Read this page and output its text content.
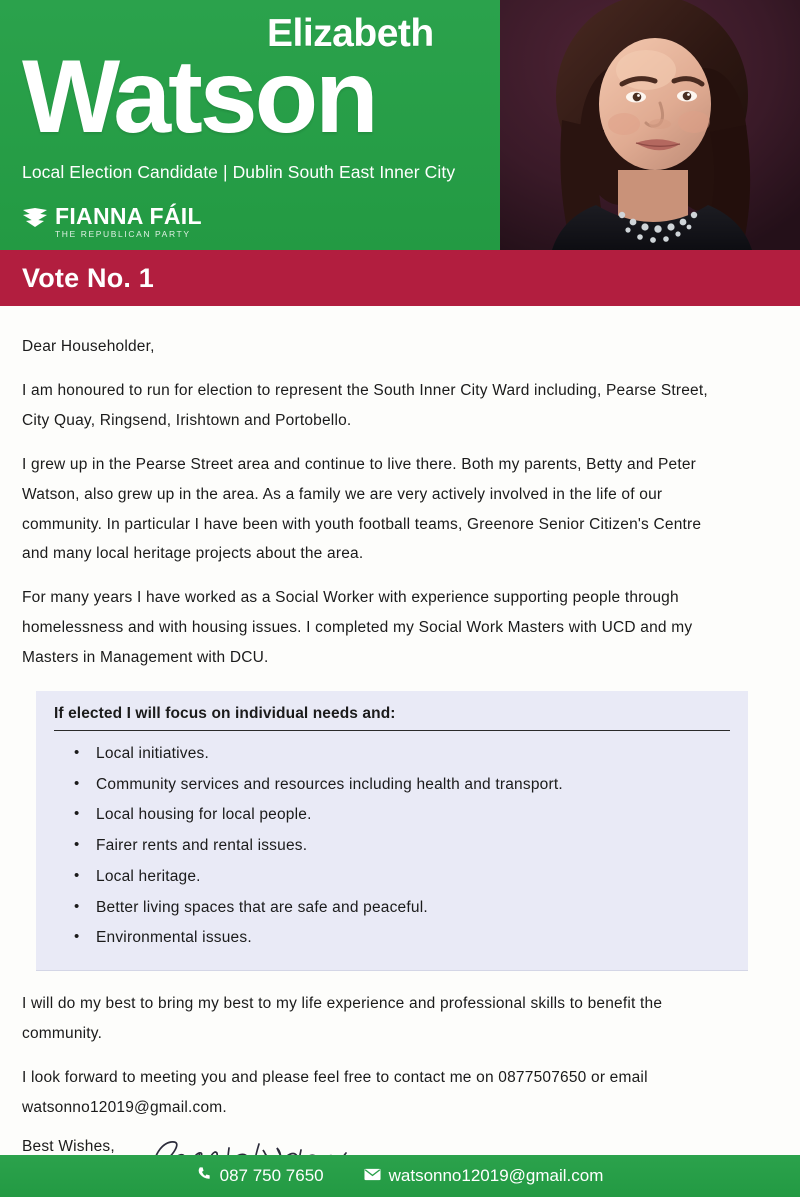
Elizabeth
Watson
Local Election Candidate | Dublin South East Inner City
FIANNA FÁIL
THE REPUBLICAN PARTY
Vote No. 1

Dear Householder,

I am honoured to run for election to represent the South Inner City Ward including, Pearse Street, City Quay, Ringsend, Irishtown and Portobello.

I grew up in the Pearse Street area and continue to live there. Both my parents, Betty and Peter Watson, also grew up in the area. As a family we are very actively involved in the life of our community. In particular I have been with youth football teams, Greenore Senior Citizen's Centre and many local heritage projects about the area.

For many years I have worked as a Social Worker with experience supporting people through homelessness and with housing issues. I completed my Social Work Masters with UCD and my Masters in Management with DCU.

If elected I will focus on individual needs and:
• Local initiatives.
• Community services and resources including health and transport.
• Local housing for local people.
• Fairer rents and rental issues.
• Local heritage.
• Better living spaces that are safe and peaceful.
• Environmental issues.

I will do my best to bring my best to my life experience and professional skills to benefit the community.

I look forward to meeting you and please feel free to contact me on 0877507650 or email watsonno12019@gmail.com.

Best Wishes,
087 750 7650	watsonno12019@gmail.com
